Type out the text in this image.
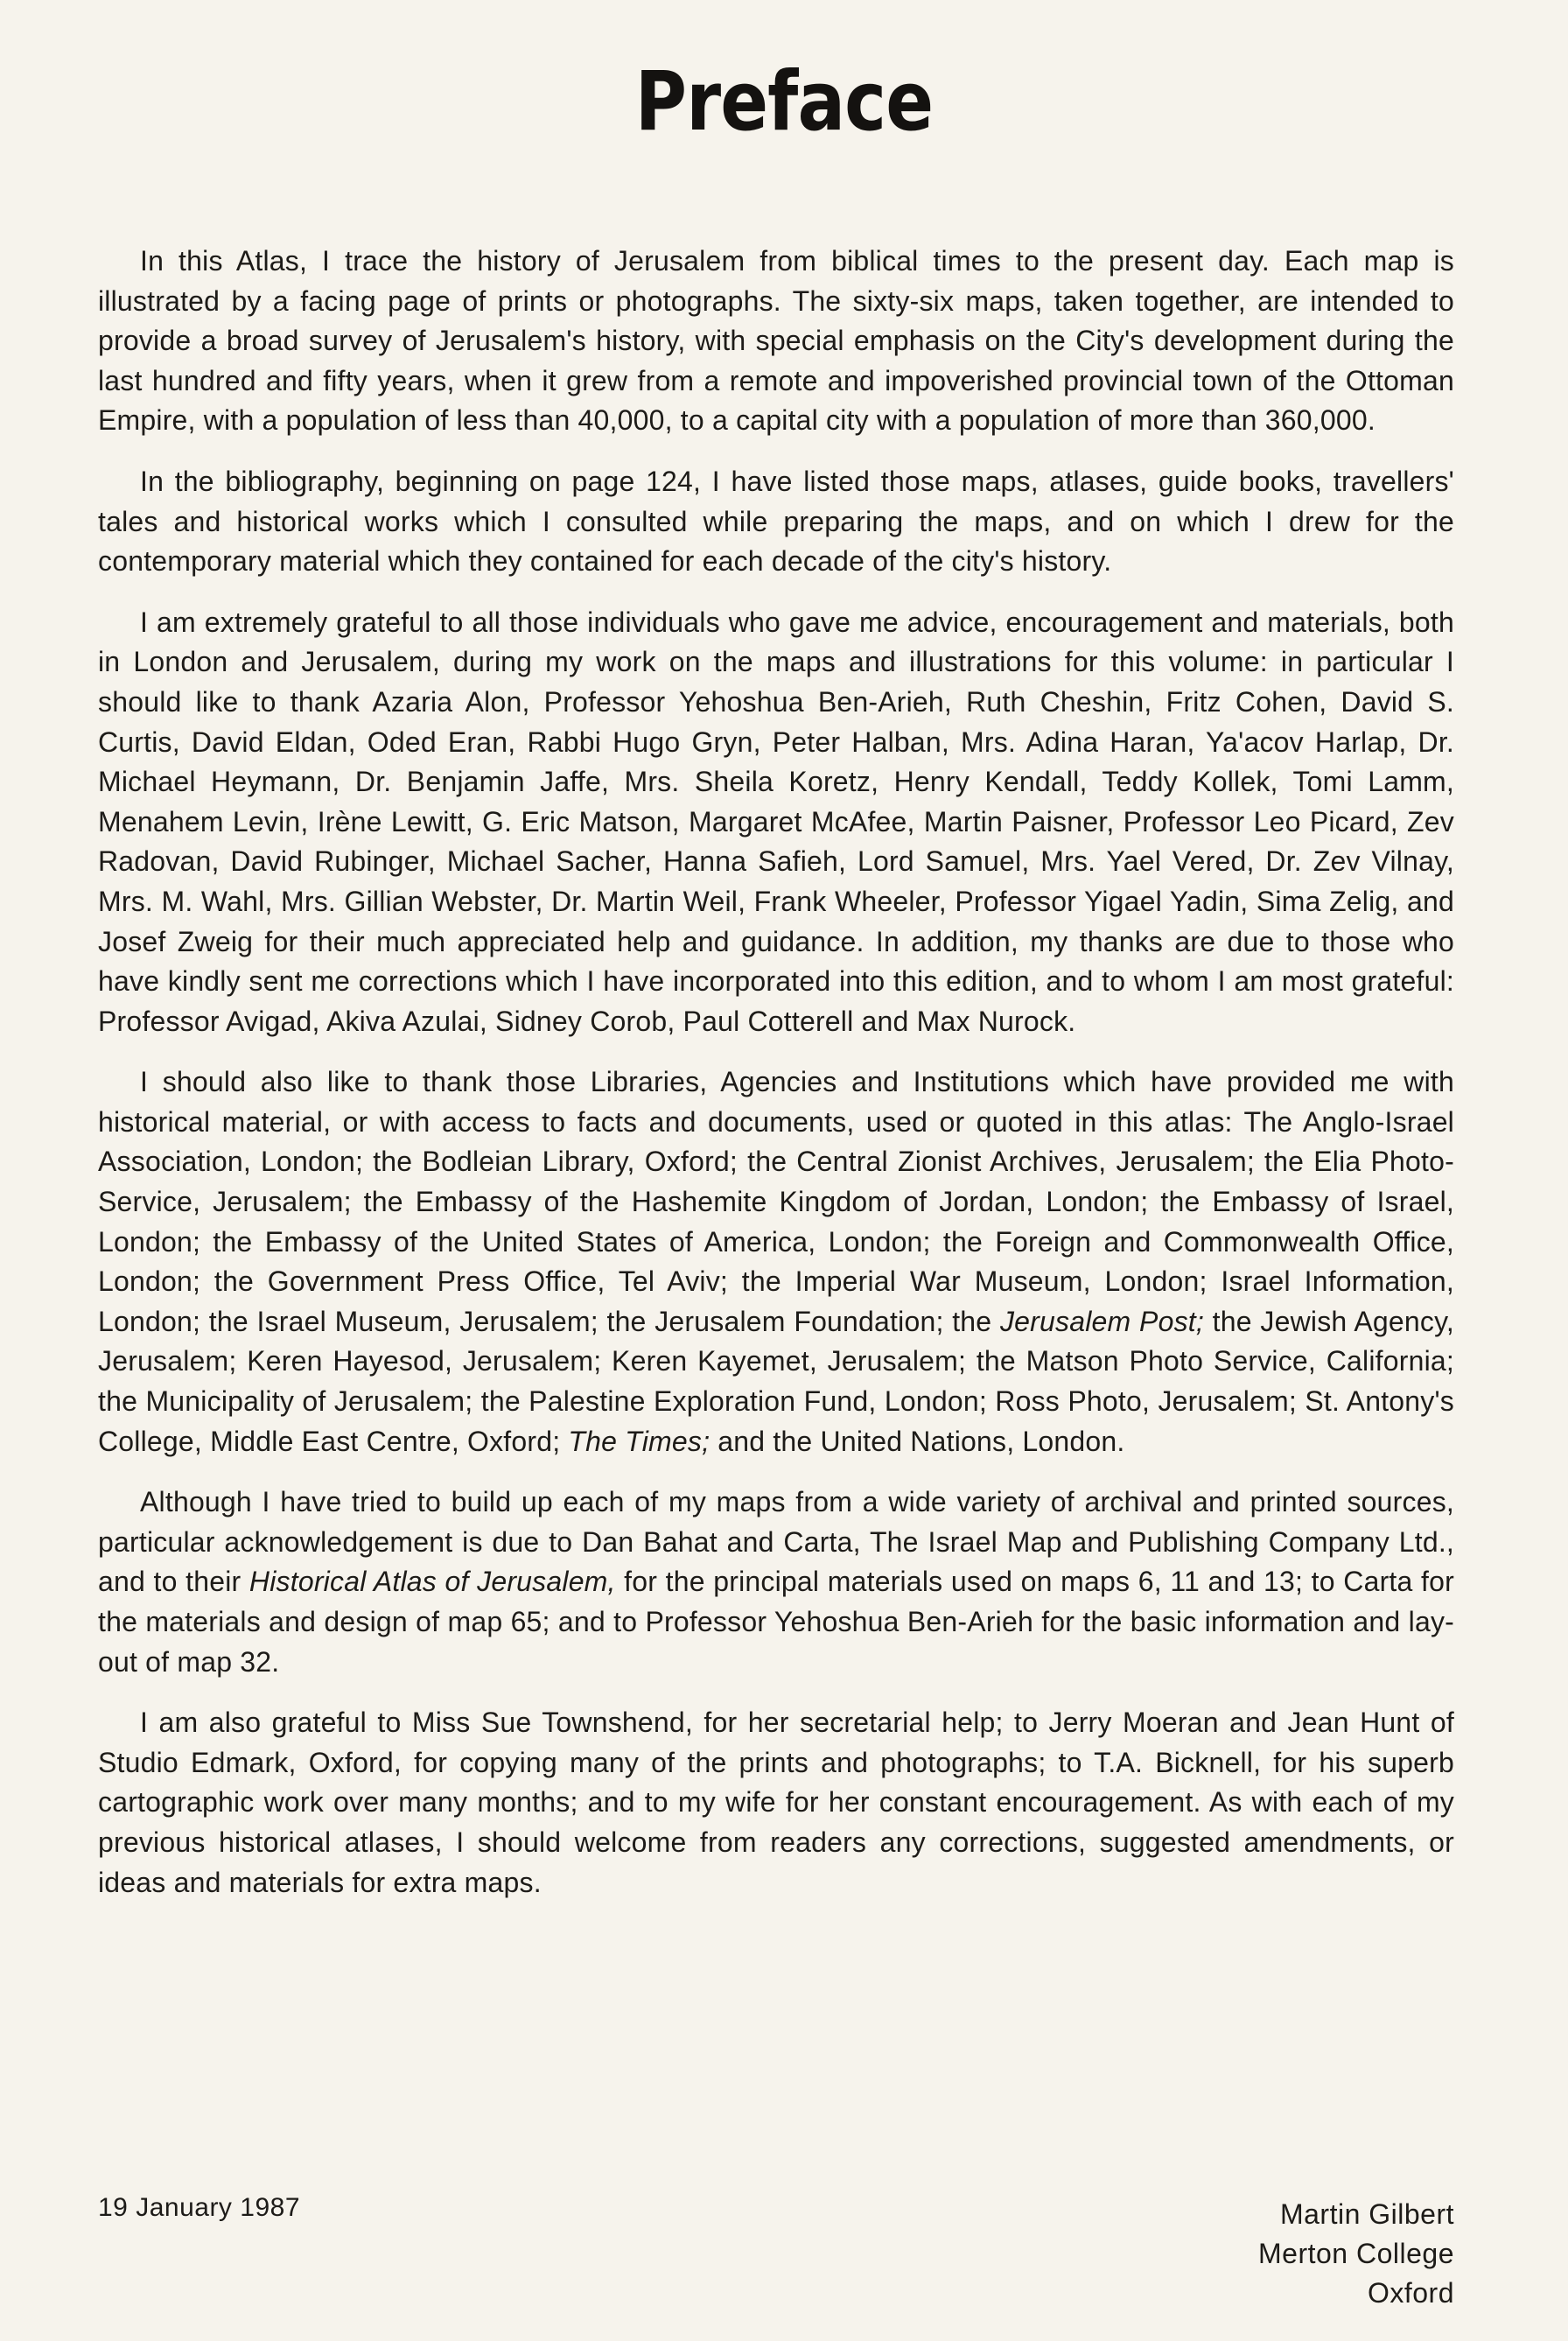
Preface

In this Atlas, I trace the history of Jerusalem from biblical times to the present day. Each map is illustrated by a facing page of prints or photographs. The sixty-six maps, taken together, are intended to provide a broad survey of Jerusalem's history, with special emphasis on the City's development during the last hundred and fifty years, when it grew from a remote and impoverished provincial town of the Ottoman Empire, with a population of less than 40,000, to a capital city with a population of more than 360,000.

In the bibliography, beginning on page 124, I have listed those maps, atlases, guide books, travellers' tales and historical works which I consulted while preparing the maps, and on which I drew for the contemporary material which they contained for each decade of the city's history.

I am extremely grateful to all those individuals who gave me advice, encouragement and materials, both in London and Jerusalem, during my work on the maps and illustrations for this volume: in particular I should like to thank Azaria Alon, Professor Yehoshua Ben-Arieh, Ruth Cheshin, Fritz Cohen, David S. Curtis, David Eldan, Oded Eran, Rabbi Hugo Gryn, Peter Halban, Mrs. Adina Haran, Ya'acov Harlap, Dr. Michael Heymann, Dr. Benjamin Jaffe, Mrs. Sheila Koretz, Henry Kendall, Teddy Kollek, Tomi Lamm, Menahem Levin, Irène Lewitt, G. Eric Matson, Margaret McAfee, Martin Paisner, Professor Leo Picard, Zev Radovan, David Rubinger, Michael Sacher, Hanna Safieh, Lord Samuel, Mrs. Yael Vered, Dr. Zev Vilnay, Mrs. M. Wahl, Mrs. Gillian Webster, Dr. Martin Weil, Frank Wheeler, Professor Yigael Yadin, Sima Zelig, and Josef Zweig for their much appreciated help and guidance. In addition, my thanks are due to those who have kindly sent me corrections which I have incorporated into this edition, and to whom I am most grateful: Professor Avigad, Akiva Azulai, Sidney Corob, Paul Cotterell and Max Nurock.

I should also like to thank those Libraries, Agencies and Institutions which have provided me with historical material, or with access to facts and documents, used or quoted in this atlas: The Anglo-Israel Association, London; the Bodleian Library, Oxford; the Central Zionist Archives, Jerusalem; the Elia Photo-Service, Jerusalem; the Embassy of the Hashemite Kingdom of Jordan, London; the Embassy of Israel, London; the Embassy of the United States of America, London; the Foreign and Commonwealth Office, London; the Government Press Office, Tel Aviv; the Imperial War Museum, London; Israel Information, London; the Israel Museum, Jerusalem; the Jerusalem Foundation; the Jerusalem Post; the Jewish Agency, Jerusalem; Keren Hayesod, Jerusalem; Keren Kayemet, Jerusalem; the Matson Photo Service, California; the Municipality of Jerusalem; the Palestine Exploration Fund, London; Ross Photo, Jerusalem; St. Antony's College, Middle East Centre, Oxford; The Times; and the United Nations, London.

Although I have tried to build up each of my maps from a wide variety of archival and printed sources, particular acknowledgement is due to Dan Bahat and Carta, The Israel Map and Publishing Company Ltd., and to their Historical Atlas of Jerusalem, for the principal materials used on maps 6, 11 and 13; to Carta for the materials and design of map 65; and to Professor Yehoshua Ben-Arieh for the basic information and lay-out of map 32.

I am also grateful to Miss Sue Townshend, for her secretarial help; to Jerry Moeran and Jean Hunt of Studio Edmark, Oxford, for copying many of the prints and photographs; to T.A. Bicknell, for his superb cartographic work over many months; and to my wife for her constant encouragement. As with each of my previous historical atlases, I should welcome from readers any corrections, suggested amendments, or ideas and materials for extra maps.

19 January 1987	Martin Gilbert
Merton College
Oxford
